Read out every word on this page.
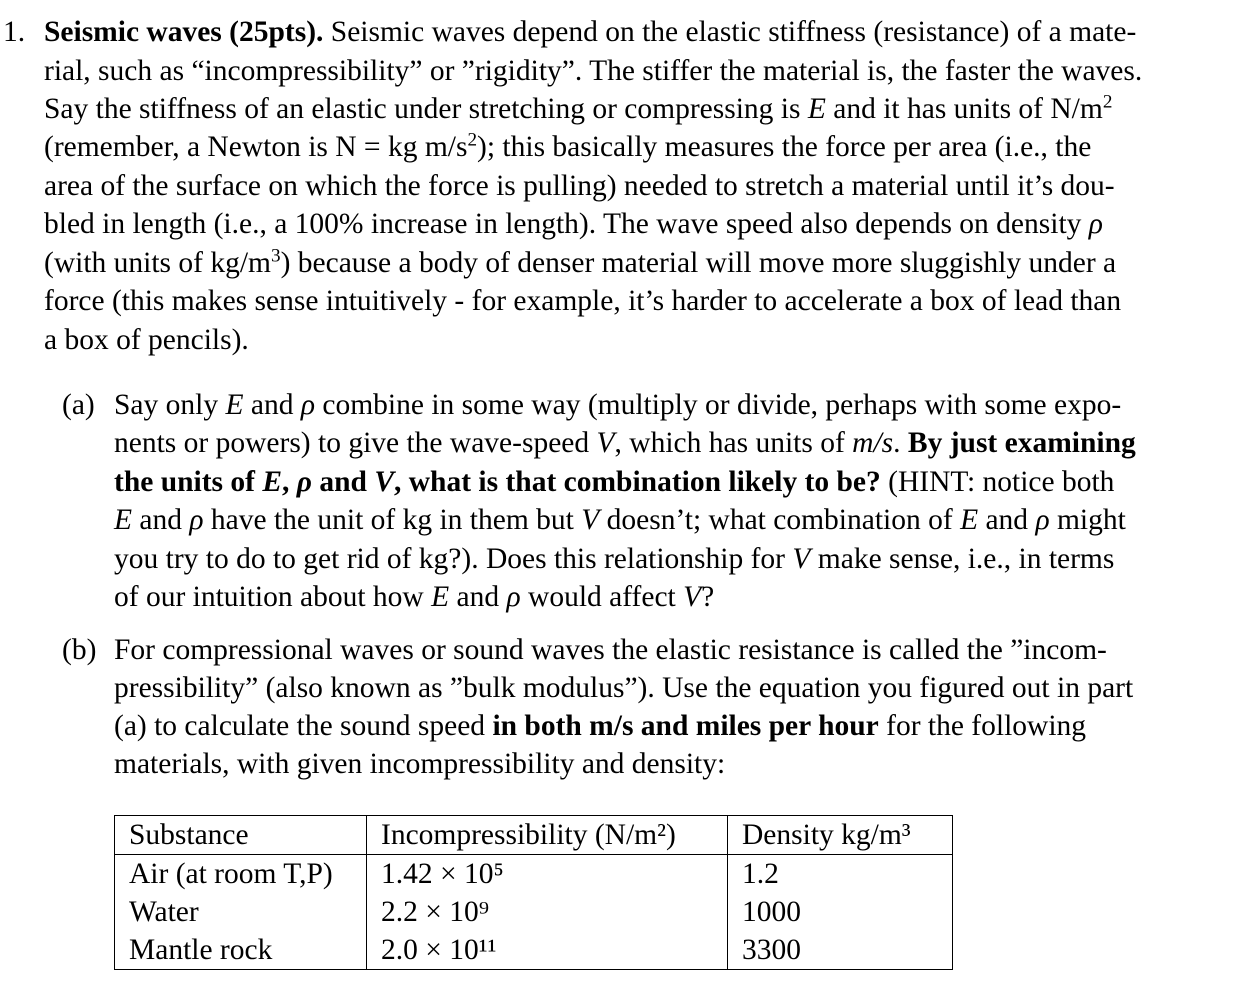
1. Seismic waves (25pts). Seismic waves depend on the elastic stiffness (resistance) of a mate-
rial, such as “incompressibility” or ”rigidity”. The stiffer the material is, the faster the waves.
Say the stiffness of an elastic under stretching or compressing is E and it has units of $N/m^2$
(remember, a Newton is N = kg $m/s^2$); this basically measures the force per area (i.e., the
area of the surface on which the force is pulling) needed to stretch a material until it’s dou-
bled in length (i.e., a 100% increase in length). The wave speed also depends on density ρ
(with units of $kg/m^3$) because a body of denser material will move more sluggishly under a
force (this makes sense intuitively - for example, it’s harder to accelerate a box of lead than
a box of pencils).
(a) Say only E and ρ combine in some way (multiply or divide, perhaps with some expo-
nents or powers) to give the wave-speed V, which has units of m/s. By just examining
the units of E, ρ and V, what is that combination likely to be? (HINT: notice both
E and ρ have the unit of kg in them but V doesn’t; what combination of E and ρ might
you try to do to get rid of kg?). Does this relationship for V make sense, i.e., in terms
of our intuition about how E and ρ would affect V?
(b) For compressional waves or sound waves the elastic resistance is called the ”incom-
pressibility” (also known as ”bulk modulus”). Use the equation you figured out in part
(a) to calculate the sound speed in both m/s and miles per hour for the following
materials, with given incompressibility and density:
Substance	Incompressibility (N/m²)	Density kg/m³
Air (at room T,P)	1.42 × 10⁵	1.2
Water	2.2 × 10⁹	1000
Mantle rock	2.0 × 10¹¹	3300
